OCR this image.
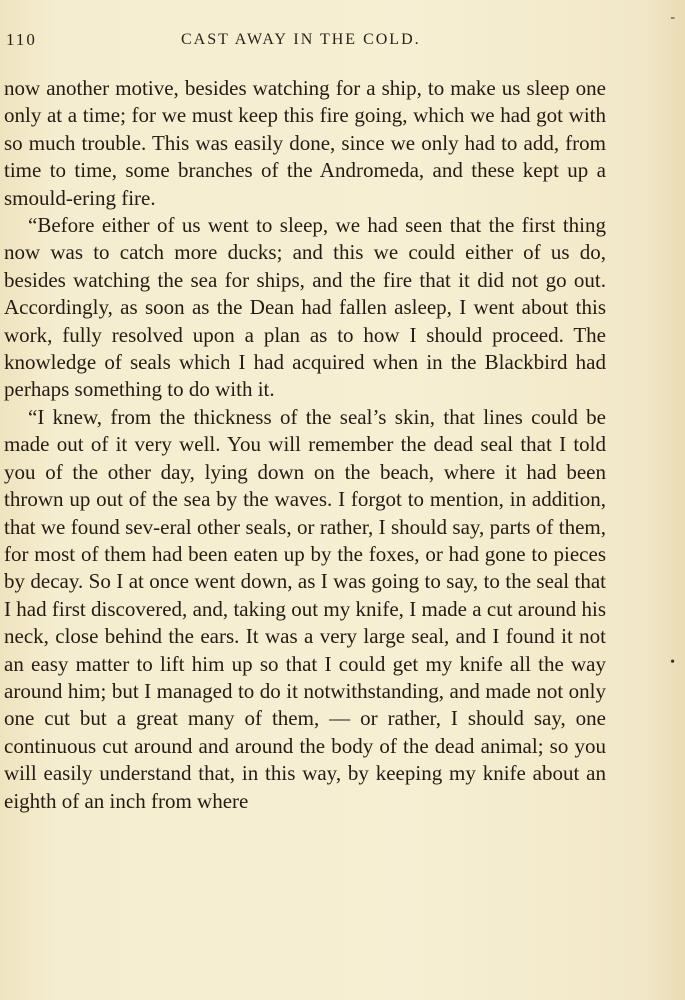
110	CAST AWAY IN THE COLD.

now another motive, besides watching for a ship, to make us sleep one only at a time; for we must keep this fire going, which we had got with so much trouble. This was easily done, since we only had to add, from time to time, some branches of the Andromeda, and these kept up a smould-ering fire.

“Before either of us went to sleep, we had seen that the first thing now was to catch more ducks; and this we could either of us do, besides watching the sea for ships, and the fire that it did not go out. Accordingly, as soon as the Dean had fallen asleep, I went about this work, fully resolved upon a plan as to how I should proceed. The knowledge of seals which I had acquired when in the Blackbird had perhaps something to do with it.

“I knew, from the thickness of the seal’s skin, that lines could be made out of it very well. You will remember the dead seal that I told you of the other day, lying down on the beach, where it had been thrown up out of the sea by the waves. I forgot to mention, in addition, that we found sev-eral other seals, or rather, I should say, parts of them, for most of them had been eaten up by the foxes, or had gone to pieces by decay. So I at once went down, as I was going to say, to the seal that I had first discovered, and, taking out my knife, I made a cut around his neck, close behind the ears. It was a very large seal, and I found it not an easy matter to lift him up so that I could get my knife all the way around him; but I managed to do it notwithstanding, and made not only one cut but a great many of them, — or rather, I should say, one continuous cut around and around the body of the dead animal; so you will easily understand that, in this way, by keeping my knife about an eighth of an inch from where

-
•
